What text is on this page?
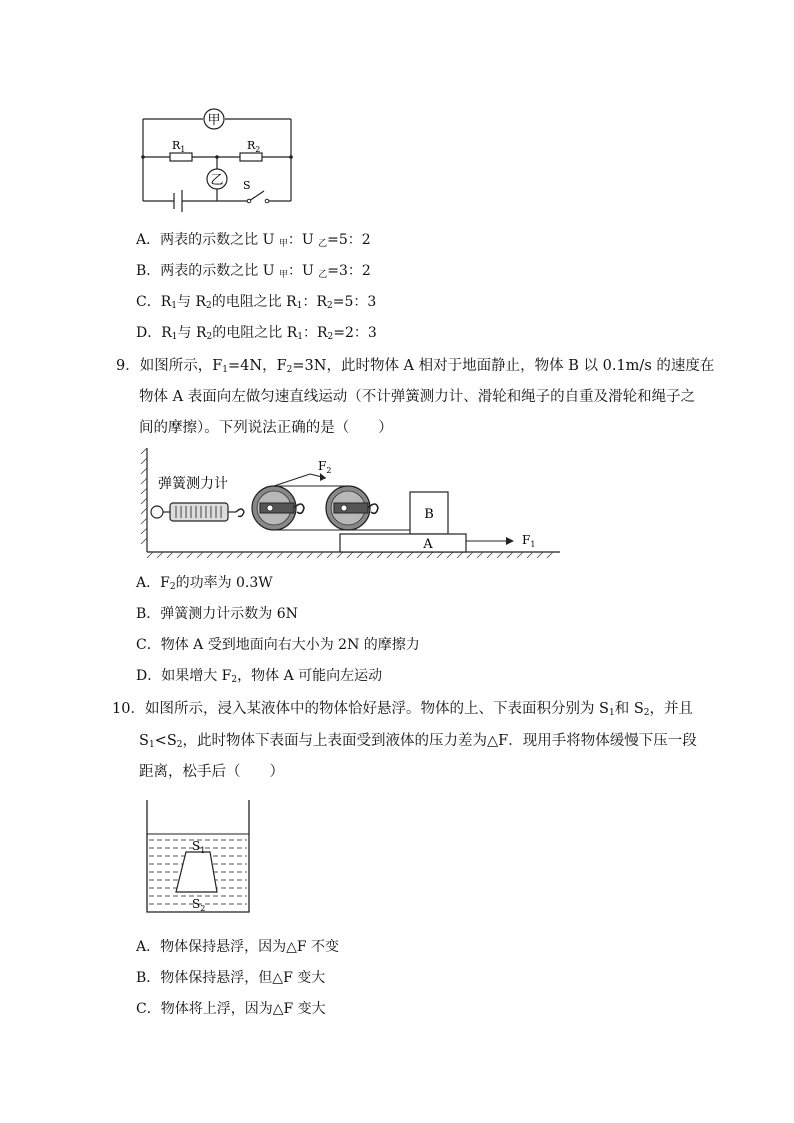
甲
乙
$R_1$	$R_2$
S
A．两表的示数之比 U $_甲$：U $_乙$=5：2
B．两表的示数之比 U $_甲$：U $_乙$=3：2
C．$R_1$与 $R_2$的电阻之比 $R_1$：$R_2=5$：3
D．$R_1$与 $R_2$的电阻之比 $R_1$：$R_2=2$：3
9．如图所示，$F_1=4N$，$F_2=3N$，此时物体 A 相对于地面静止，物体 B 以 0.1m/s 的速度在
物体 A 表面向左做匀速直线运动（不计弹簧测力计、滑轮和绳子的自重及滑轮和绳子之
间的摩擦）。下列说法正确的是（　　）
$F_2$
B
A	$F_1$
弹簧测力计
A．$F_2$的功率为 0.3W
B．弹簧测力计示数为 6N
C．物体 A 受到地面向右大小为 2N 的摩擦力
D．如果增大 $F_2$，物体 A 可能向左运动
10．如图所示，浸入某液体中的物体恰好悬浮。物体的上、下表面积分别为 $S_1$和 $S_2$，并且
$S_1<S_2$，此时物体下表面与上表面受到液体的压力差为△F．现用手将物体缓慢下压一段
距离，松手后（　　）
$S_1$
$S_2$
A．物体保持悬浮，因为△F 不变
B．物体保持悬浮，但△F 变大
C．物体将上浮，因为△F 变大
